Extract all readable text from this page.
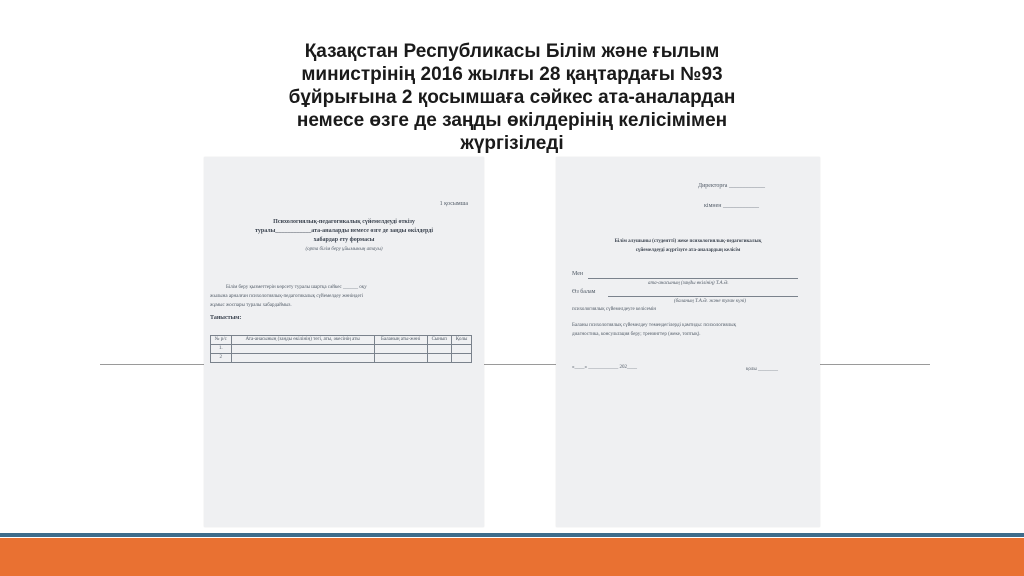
Қазақстан Республикасы Білім және ғылым
министрінің 2016 жылғы 28 қаңтардағы №93
бұйрығына 2 қосымшаға сәйкес ата-аналардан
немесе өзге де заңды өкілдерінің келісімімен
жүргізіледі
1 қосымша
Психологиялық-педагогикалық сүйемелдеуді өткізу
туралы____________ата-аналарды немесе өзге де заңды өкілдерді
хабардар ету формасы
(орта білім беру ұйымының атауы)
Білім беру қызметтерін көрсету туралы шартқа сәйкес ______ оқу
жылына арналған психологиялық-педагогикалық сүйемелдеу жөніндегі
жұмыс жоспары туралы хабардаймыз.
Таныстым:
№ р/с	Ата-анасының (заңды өкілінің) тегі, аты, әкесінің аты	Баланың аты-жөні	Сынып	Қолы
1.				
2				
Директорға ____________
кімнен ____________
Білім алушыны (студентті) жеке психологиялық-педагогикалық
сүйемелдеуді жүргізуге ата-аналардың келісім
Мен
ата-анасының (заңды өкілінің) Т.А.Ә.
Өз балам
(баланың Т.А.Ә. және туған күні)
психологиялық сүйемелдеуге келісемін
Баланы психологиялық сүйемелдеу төмендегілерді қамтиды: психологиялық
диагностика, консультация беру; тренингтер (жеке, топтық).
«____» ____________ 202____	қолы ________
